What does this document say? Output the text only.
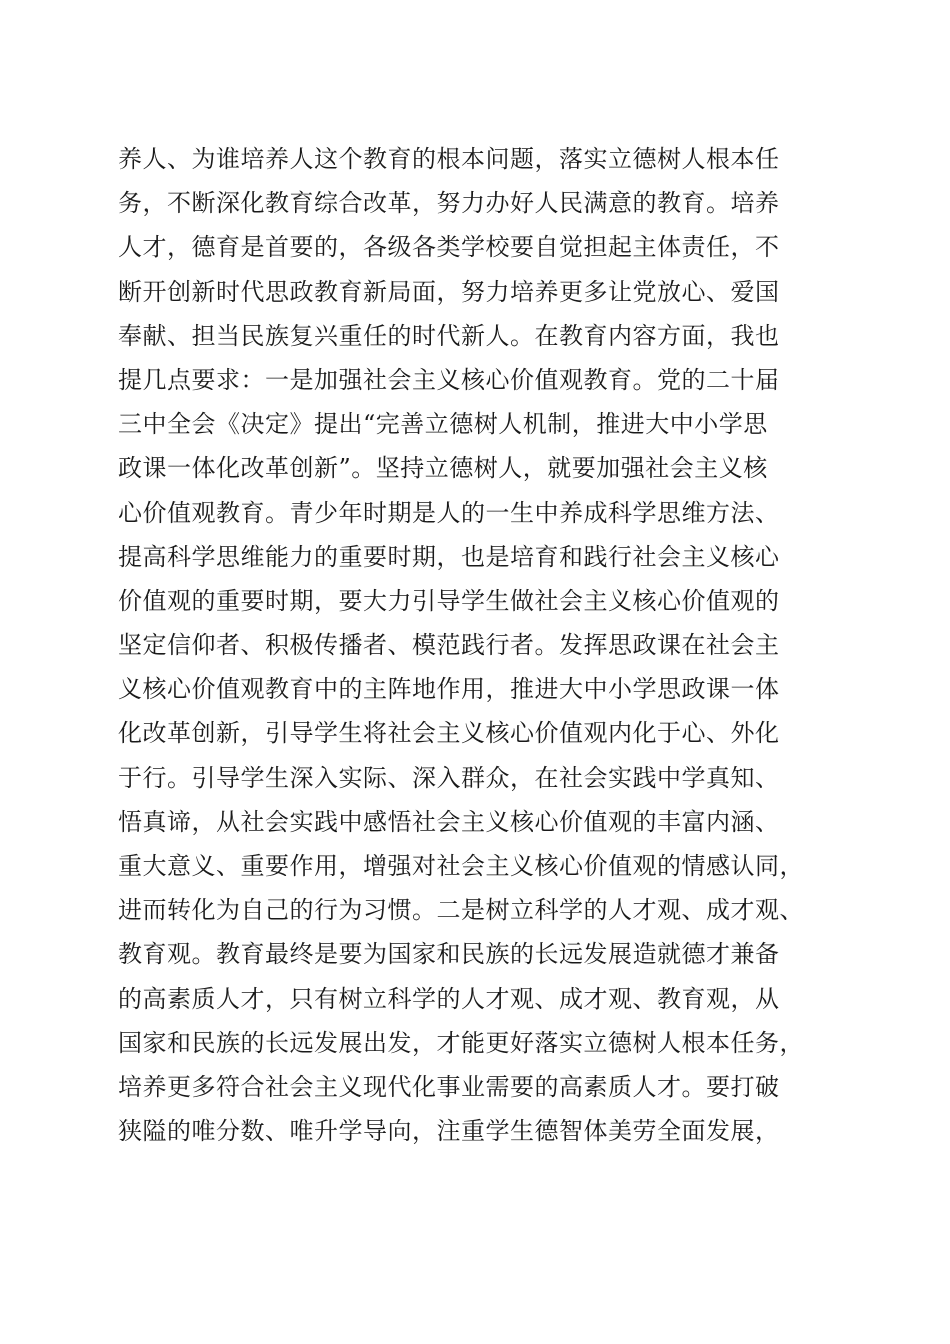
养人、为谁培养人这个教育的根本问题，落实立德树人根本任
务，不断深化教育综合改革，努力办好人民满意的教育。培养
人才，德育是首要的，各级各类学校要自觉担起主体责任，不
断开创新时代思政教育新局面，努力培养更多让党放心、爱国
奉献、担当民族复兴重任的时代新人。在教育内容方面，我也
提几点要求：一是加强社会主义核心价值观教育。党的二十届
三中全会《决定》提出“完善立德树人机制，推进大中小学思
政课一体化改革创新”。坚持立德树人，就要加强社会主义核
心价值观教育。青少年时期是人的一生中养成科学思维方法、
提高科学思维能力的重要时期，也是培育和践行社会主义核心
价值观的重要时期，要大力引导学生做社会主义核心价值观的
坚定信仰者、积极传播者、模范践行者。发挥思政课在社会主
义核心价值观教育中的主阵地作用，推进大中小学思政课一体
化改革创新，引导学生将社会主义核心价值观内化于心、外化
于行。引导学生深入实际、深入群众，在社会实践中学真知、
悟真谛，从社会实践中感悟社会主义核心价值观的丰富内涵、
重大意义、重要作用，增强对社会主义核心价值观的情感认同，
进而转化为自己的行为习惯。二是树立科学的人才观、成才观、
教育观。教育最终是要为国家和民族的长远发展造就德才兼备
的高素质人才，只有树立科学的人才观、成才观、教育观，从
国家和民族的长远发展出发，才能更好落实立德树人根本任务，
培养更多符合社会主义现代化事业需要的高素质人才。要打破
狭隘的唯分数、唯升学导向，注重学生德智体美劳全面发展，
